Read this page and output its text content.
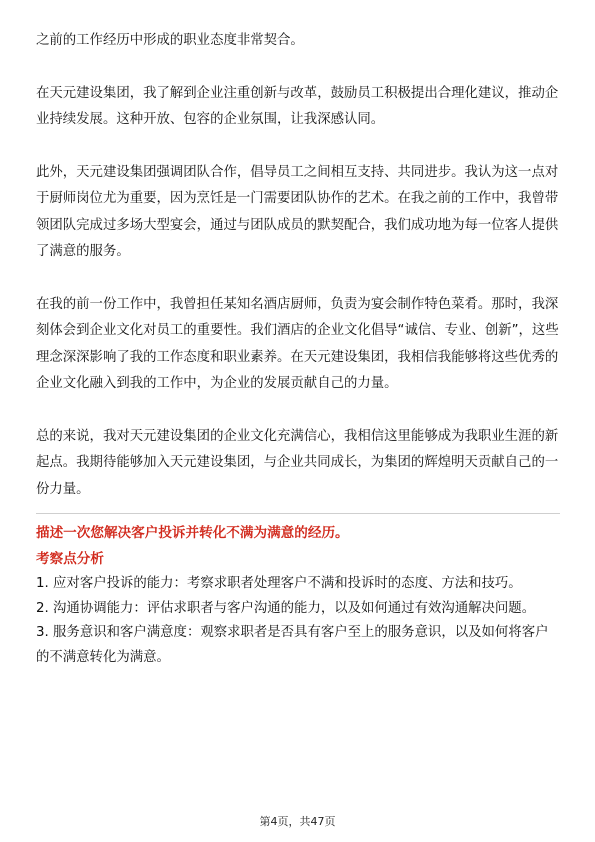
之前的工作经历中形成的职业态度非常契合。

在天元建设集团，我了解到企业注重创新与改革，鼓励员工积极提出合理化建议，推动企业持续发展。这种开放、包容的企业氛围，让我深感认同。

此外，天元建设集团强调团队合作，倡导员工之间相互支持、共同进步。我认为这一点对于厨师岗位尤为重要，因为烹饪是一门需要团队协作的艺术。在我之前的工作中，我曾带领团队完成过多场大型宴会，通过与团队成员的默契配合，我们成功地为每一位客人提供了满意的服务。

在我的前一份工作中，我曾担任某知名酒店厨师，负责为宴会制作特色菜肴。那时，我深刻体会到企业文化对员工的重要性。我们酒店的企业文化倡导“诚信、专业、创新”，这些理念深深影响了我的工作态度和职业素养。在天元建设集团，我相信我能够将这些优秀的企业文化融入到我的工作中，为企业的发展贡献自己的力量。

总的来说，我对天元建设集团的企业文化充满信心，我相信这里能够成为我职业生涯的新起点。我期待能够加入天元建设集团，与企业共同成长，为集团的辉煌明天贡献自己的一份力量。

描述一次您解决客户投诉并转化不满为满意的经历。

考察点分析

1. 应对客户投诉的能力：考察求职者处理客户不满和投诉时的态度、方法和技巧。

2. 沟通协调能力：评估求职者与客户沟通的能力，以及如何通过有效沟通解决问题。

3. 服务意识和客户满意度：观察求职者是否具有客户至上的服务意识，以及如何将客户的不满意转化为满意。

第4页，共47页
